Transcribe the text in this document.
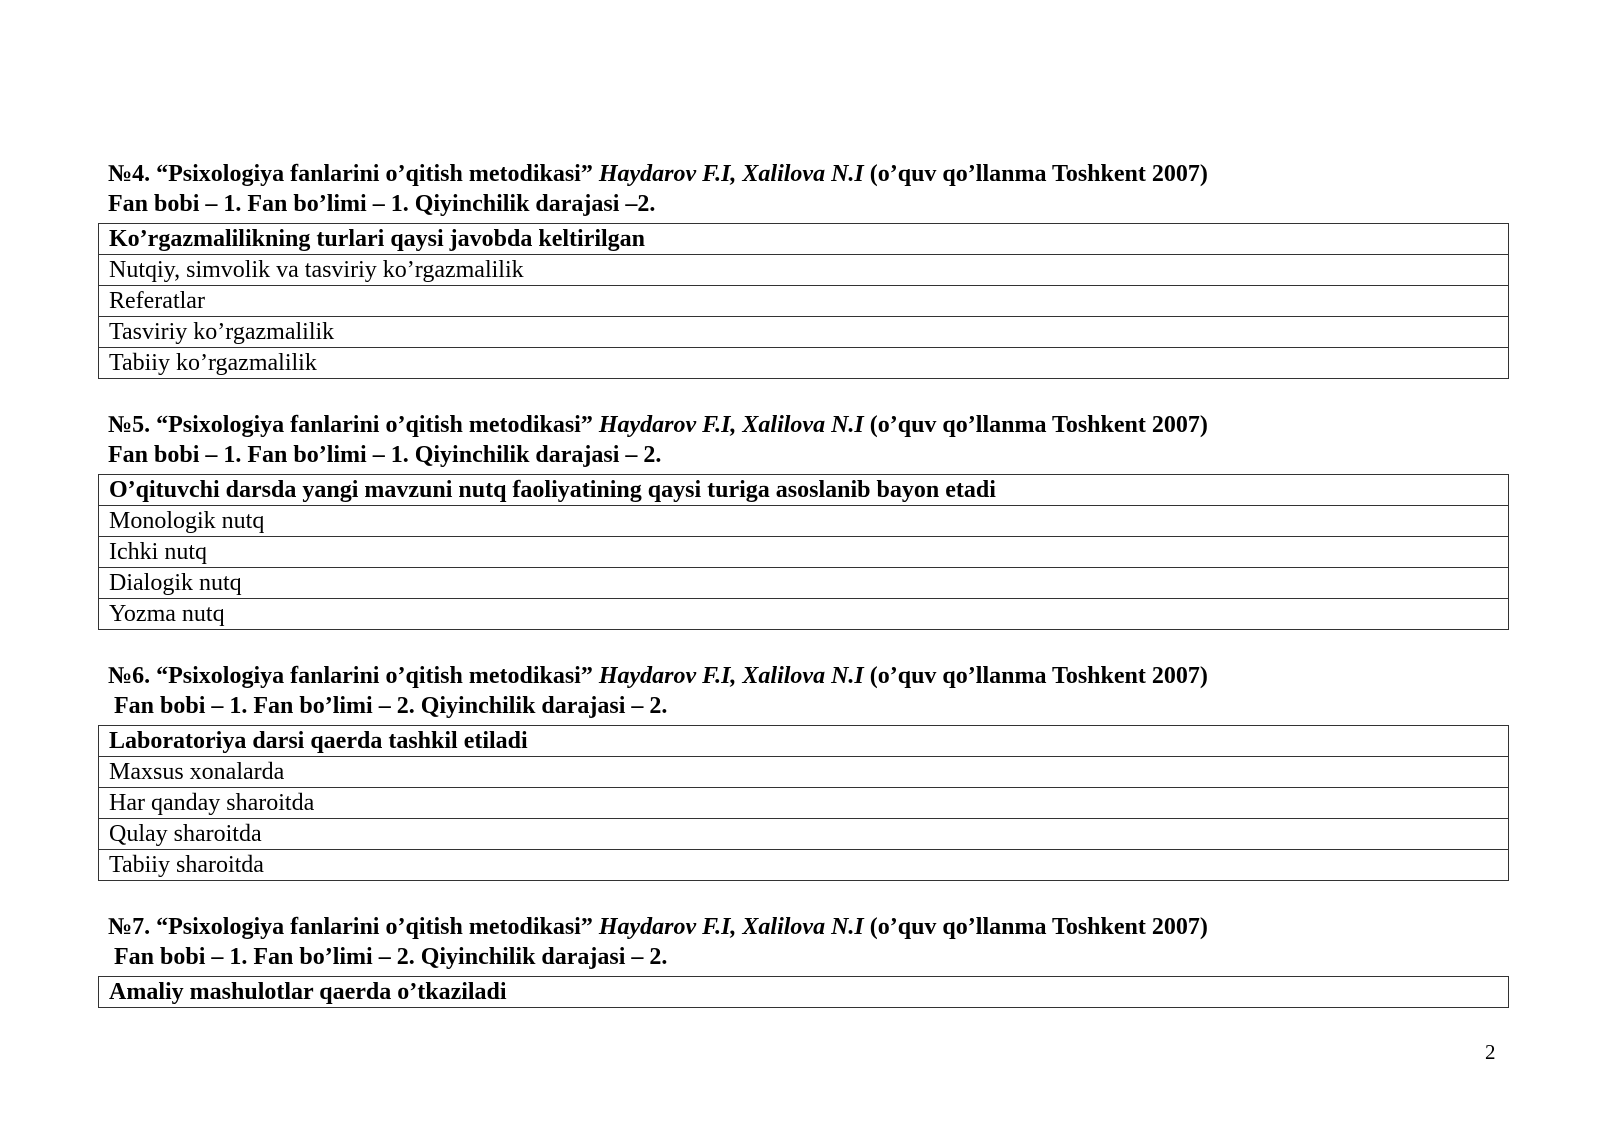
№4. “Psixologiya fanlarini o’qitish metodikasi” Haydarov F.I, Xalilova N.I (o’quv qo’llanma Toshkent 2007)
Fan bobi – 1. Fan bo’limi – 1. Qiyinchilik darajasi –2.
Ko’rgazmalilikning turlari qaysi javobda keltirilgan
Nutqiy, simvolik va tasviriy ko’rgazmalilik
Referatlar
Tasviriy ko’rgazmalilik
Tabiiy ko’rgazmalilik
№5. “Psixologiya fanlarini o’qitish metodikasi” Haydarov F.I, Xalilova N.I (o’quv qo’llanma Toshkent 2007)
Fan bobi – 1. Fan bo’limi – 1. Qiyinchilik darajasi – 2.
O’qituvchi darsda yangi mavzuni nutq faoliyatining qaysi turiga asoslanib bayon etadi
Monologik nutq
Ichki nutq
Dialogik nutq
Yozma nutq
№6. “Psixologiya fanlarini o’qitish metodikasi” Haydarov F.I, Xalilova N.I (o’quv qo’llanma Toshkent 2007)
Fan bobi – 1. Fan bo’limi – 2. Qiyinchilik darajasi – 2.
Laboratoriya darsi qaerda tashkil etiladi
Maxsus xonalarda
Har qanday sharoitda
Qulay sharoitda
Tabiiy sharoitda
№7. “Psixologiya fanlarini o’qitish metodikasi” Haydarov F.I, Xalilova N.I (o’quv qo’llanma Toshkent 2007)
Fan bobi – 1. Fan bo’limi – 2. Qiyinchilik darajasi – 2.
Amaliy mashulotlar qaerda o’tkaziladi
2
